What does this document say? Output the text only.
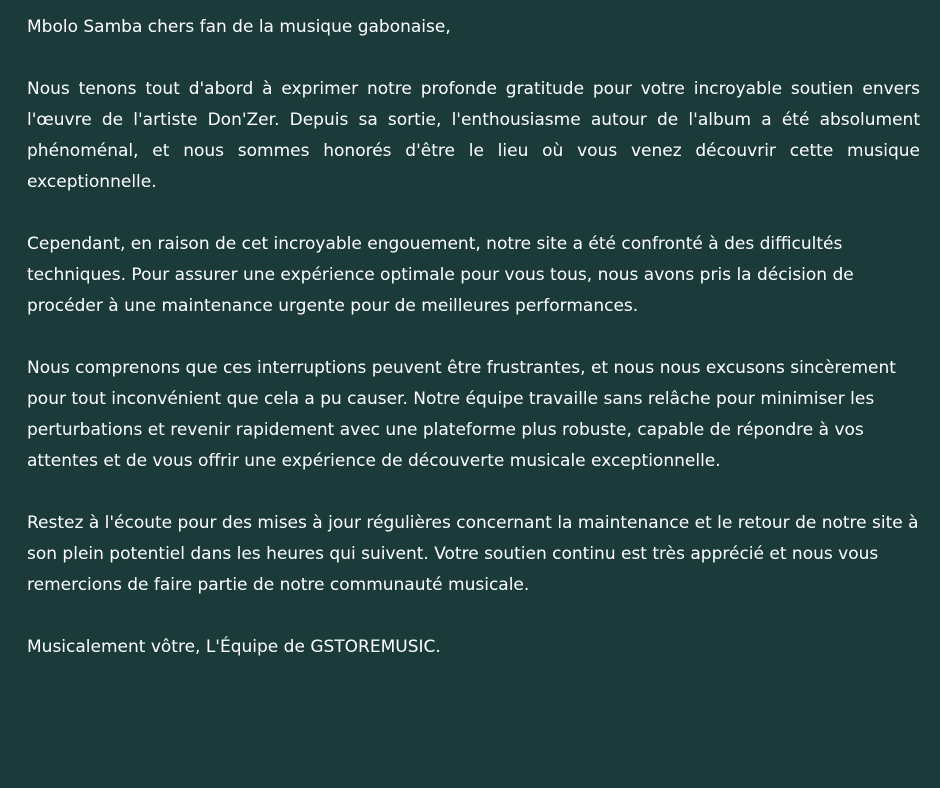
Mbolo Samba chers fan de la musique gabonaise,

Nous tenons tout d'abord à exprimer notre profonde gratitude pour votre incroyable soutien envers l'œuvre de l'artiste Don'Zer. Depuis sa sortie, l'enthousiasme autour de l'album a été absolument phénoménal, et nous sommes honorés d'être le lieu où vous venez découvrir cette musique exceptionnelle.

Cependant, en raison de cet incroyable engouement, notre site a été confronté à des difficultés techniques. Pour assurer une expérience optimale pour vous tous, nous avons pris la décision de procéder à une maintenance urgente pour de meilleures performances.

Nous comprenons que ces interruptions peuvent être frustrantes, et nous nous excusons sincèrement pour tout inconvénient que cela a pu causer. Notre équipe travaille sans relâche pour minimiser les perturbations et revenir rapidement avec une plateforme plus robuste, capable de répondre à vos attentes et de vous offrir une expérience de découverte musicale exceptionnelle.

Restez à l'écoute pour des mises à jour régulières concernant la maintenance et le retour de notre site à son plein potentiel dans les heures qui suivent. Votre soutien continu est très apprécié et nous vous remercions de faire partie de notre communauté musicale.

Musicalement vôtre, L'Équipe de GSTOREMUSIC.
